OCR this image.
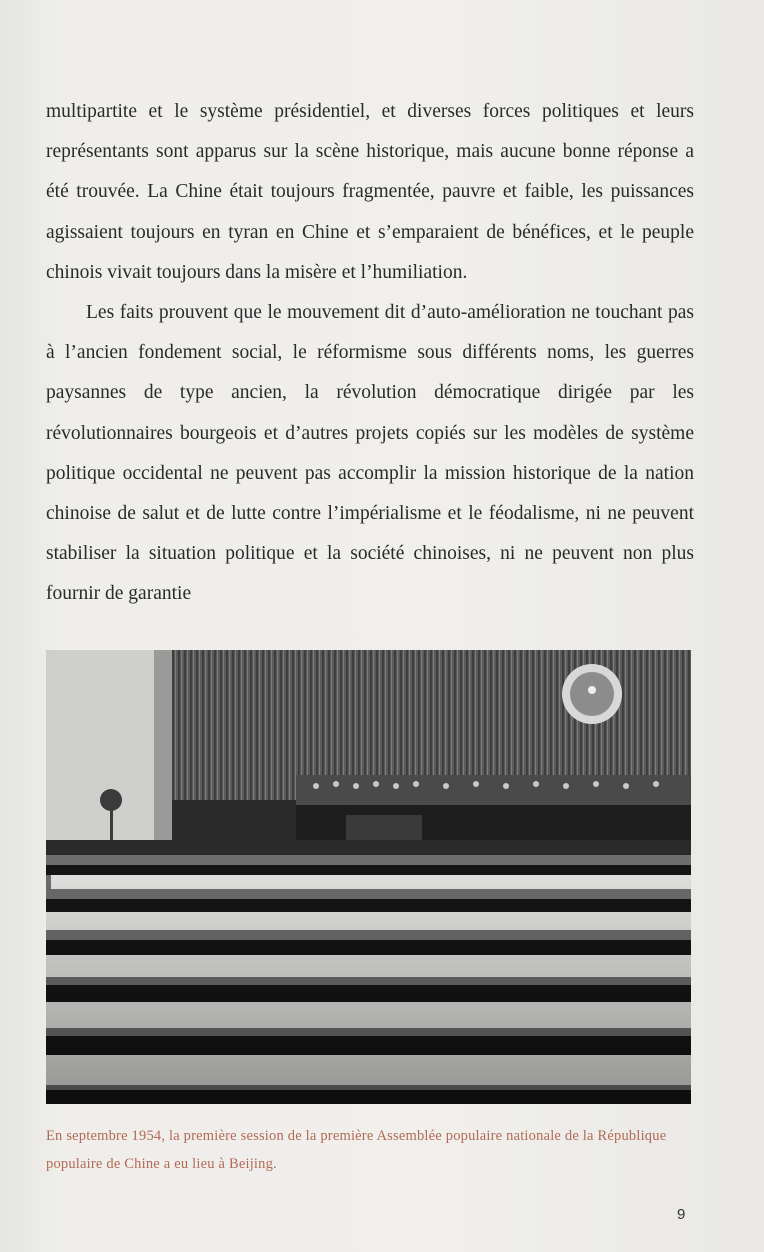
multipartite et le système présidentiel, et diverses forces politiques et leurs représentants sont apparus sur la scène historique, mais aucune bonne réponse a été trouvée. La Chine était toujours fragmentée, pauvre et faible, les puissances agissaient toujours en tyran en Chine et s’emparaient de bénéfices, et le peuple chinois vivait toujours dans la misère et l’humiliation.

Les faits prouvent que le mouvement dit d’auto-amélioration ne touchant pas à l’ancien fondement social, le réformisme sous différents noms, les guerres paysannes de type ancien, la révolution démocratique dirigée par les révolutionnaires bourgeois et d’autres projets copiés sur les modèles de système politique occidental ne peuvent pas accomplir la mission historique de la nation chinoise de salut et de lutte contre l’impérialisme et le féodalisme, ni ne peuvent stabiliser la situation politique et la société chinoises, ni ne peuvent non plus fournir de garantie

En septembre 1954, la première session de la première Assemblée populaire nationale de la République populaire de Chine a eu lieu à Beijing.
9
